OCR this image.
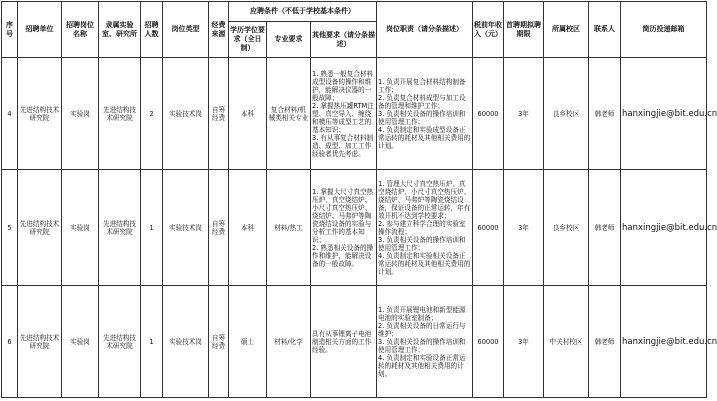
序号	招聘单位	招聘岗位名称	隶属实验室、研究所	招聘人数	岗位类型	经费来源	应聘条件（不低于学校基本条件）			岗位职责（请分条描述）	税前年收入（元）	首聘期拟聘期限	所属校区	联系人	简历投递邮箱
							学历学位要求（全日制）	专业要求	其他要求（请分条描述）						
4	先进结构技术研究院	实验岗	先进结构技术研究院	2	实验技术岗	自筹经费	本科	复合材料/机械类相关专业	1. 熟悉一般复合材料成型设备的操作和维护，能解决仪器的一般故障；
2. 掌握热压罐RTM注塑、真空导入、缠绕和模压等成型工艺的基本知识；
3. 有从事复合材料制造、成型、加工工作经验者优先考虑。	1. 负责开展复合材料结构制备工作；
2. 负责复合材料成型与加工设备的管理和维护工作；
3. 负责相关设备的操作培训和使用管理工作；
4. 负责制定和实验成型设备正常运转的耗材及其他相关费用的计划。	60000	3年	良乡校区	韩老师	hanxingjie@bit.edu.cn
5	先进结构技术研究院	实验岗	先进结构技术研究院	1	实验技术岗	自筹经费	本科	材料/热工	1. 掌握大尺寸真空热压炉、真空烧结炉、小尺寸真空热压炉、烧结炉、马弗炉等陶瓷烧结设备的实验与分析工作的基本知识；
2. 熟悉相关设备的操作和维护，能解决设备的一般故障。	1. 管理大尺寸真空热压炉、真空烧结炉、小尺寸真空热压炉、烧结炉、马弗炉等陶瓷烧结设备，保证设备的正常运转，年有效开机不达到学校要求；
2. 参与建立科学合理的实验室操作流程；
3. 负责相关设备的操作培训和使用管理工作；
4. 负责制定和实验相关设备正常运转的耗材及其他相关费用的计划。	60000	3年	良乡校区	韩老师	hanxingjie@bit.edu.cn
6	先进结构技术研究院	实验岗	先进结构技术研究院	1	实验技术岗	自筹经费	硕士	材料/化学	具有从事锂离子电池制造相关方面的工作经验。	1. 负责开展锂电池和新型能源电池的实验室制备；
2. 负责相关设备的日常运行与维护；
3. 负责相关设备的操作培训和使用管理工作；
4. 负责制定和实验设备正常运转的耗材及其他相关费用的计划。	60000	3年	中关村校区	韩老师	hanxingjie@bit.edu.cn
